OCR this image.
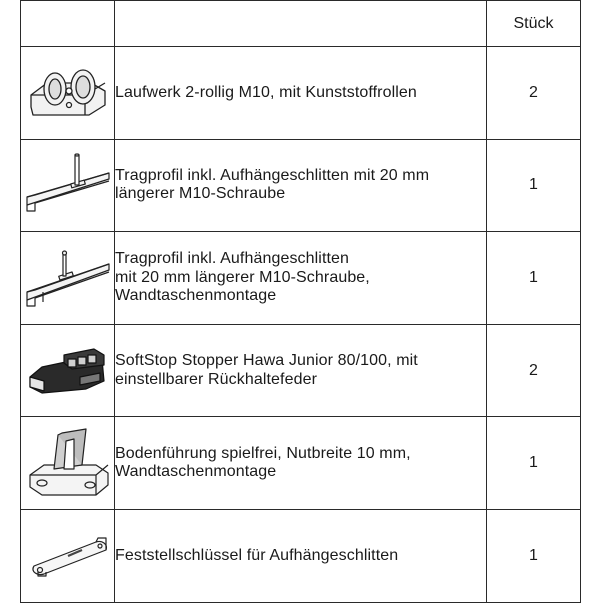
		Stück

Laufwerk 2-rollig M10, mit Kunststoffrollen	2

Tragprofil inkl. Aufhängeschlitten mit 20 mm
längerer M10-Schraube	1

Tragprofil inkl. Aufhängeschlitten
mit 20 mm längerer M10-Schraube,
Wandtaschenmontage	1

SoftStop Stopper Hawa Junior 80/100, mit
einstellbarer Rückhaltefeder	2

Bodenführung spielfrei, Nutbreite 10 mm,
Wandtaschenmontage	1

Feststellschlüssel für Aufhängeschlitten	1
